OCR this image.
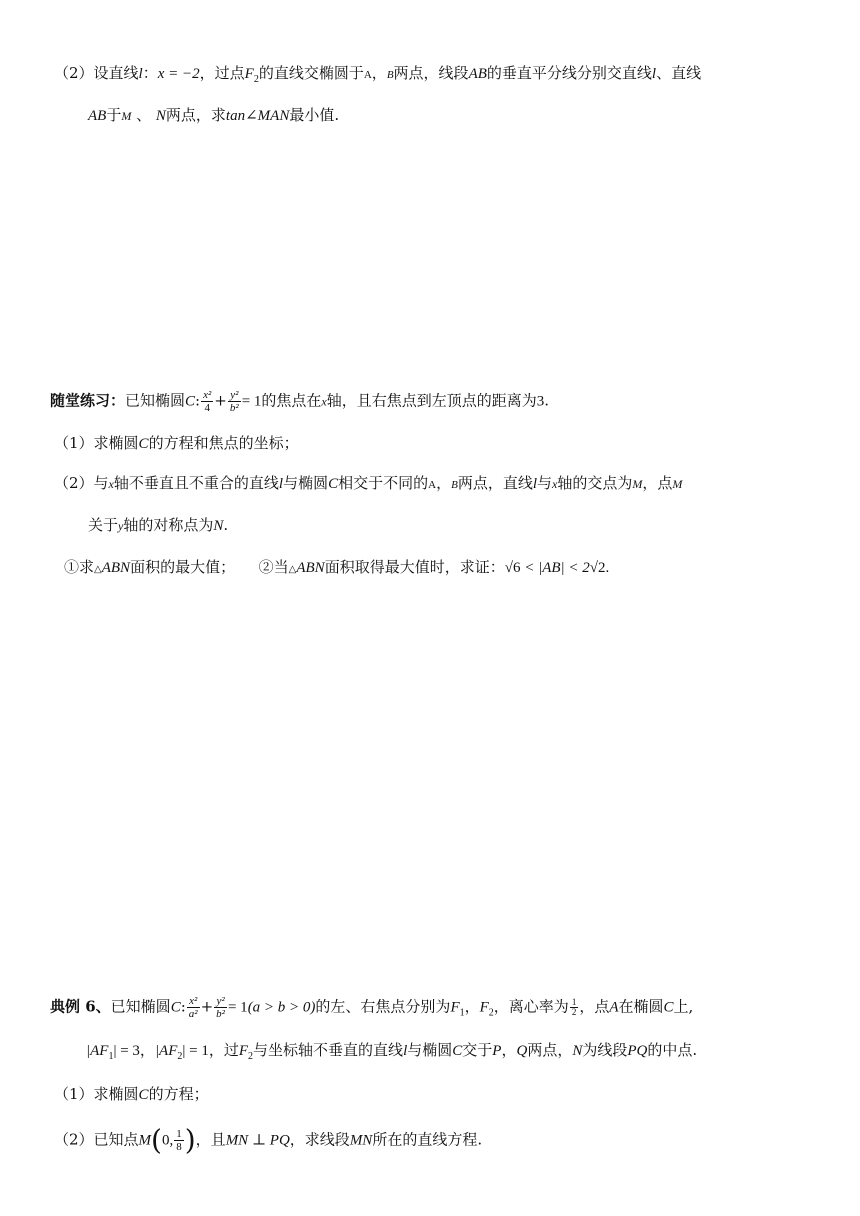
（2）设直线l：x = −2，过点$F_2$的直线交椭圆于A，B两点，线段AB的垂直平分线分别交直线l、直线
AB于M 、 N两点，求tan∠MAN最小值.
随堂练习：已知椭圆C: $\frac{\text{x²}}{4} + \frac{\text{y²}}{\text{b²}} = 1$的焦点在x轴，且右焦点到左顶点的距离为3.
（1）求椭圆C的方程和焦点的坐标；
（2）与x轴不垂直且不重合的直线l与椭圆C相交于不同的A，B两点，直线l与x轴的交点为M，点M
关于y轴的对称点为N.
①求△ABN面积的最大值； ②当△ABN面积取得最大值时，求证：√6 < |AB| < 2√2.
典例 6、已知椭圆C: $\frac{\text{x²}}{\text{a²}} + \frac{\text{y²}}{\text{b²}} = 1(a > b > 0)$的左、右焦点分别为$F_1$，$F_2$，离心率为 $\frac{1}{2}$ ，点A在椭圆C上,
$|AF_1| = 3$，$|AF_2| = 1$，过$F_2$与坐标轴不垂直的直线l与椭圆C交于P，Q两点，N为线段PQ的中点.
（1）求椭圆C的方程；
（2）已知点M(0, $\frac{1}{8}$ )，且MN ⊥ PQ，求线段MN所在的直线方程.
